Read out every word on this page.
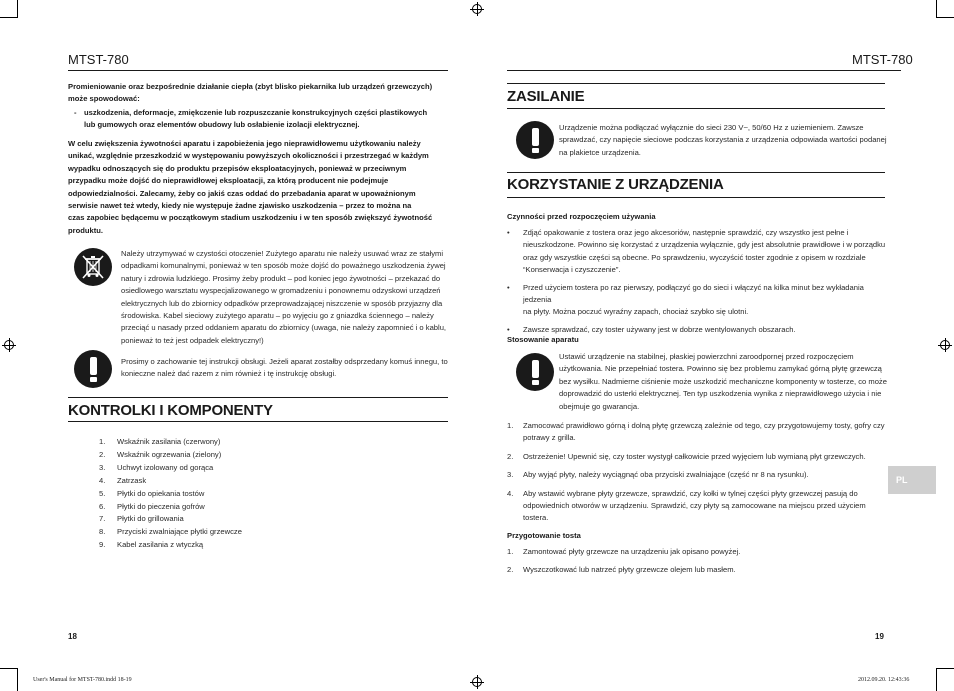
MTST-780
Promieniowanie oraz bezpośrednie działanie ciepła (zbyt blisko piekarnika lub urządzeń grzewczych) może spowodować:
- uszkodzenia, deformacje, zmiękczenie lub rozpuszczanie konstrukcyjnych części plastikowych
lub gumowych oraz elementów obudowy lub osłabienie izolacji elektrycznej.
W celu zwiększenia żywotności aparatu i zapobieżenia jego nieprawidłowemu użytkowaniu należy
unikać, względnie przeszkodzić w występowaniu powyższych okoliczności i przestrzegać w każdym
wypadku odnoszących się do produktu przepisów eksploatacyjnych, ponieważ w przeciwnym
przypadku może dojść do nieprawidłowej eksploatacji, za którą producent nie podejmuje
odpowiedzialności. Zalecamy, żeby co jakiś czas oddać do przebadania aparat w upoważnionym
serwisie nawet też wtedy, kiedy nie występuje żadne zjawisko uszkodzenia – przez to można na
czas zapobiec będącemu w początkowym stadium uszkodzeniu i w ten sposób zwiększyć żywotność
produktu.
Należy utrzymywać w czystości otoczenie! Zużytego aparatu nie należy usuwać wraz ze stałymi
odpadkami komunalnymi, ponieważ w ten sposób może dojść do poważnego uszkodzenia żywej
natury i zdrowia ludzkiego. Prosimy żeby produkt – pod koniec jego żywotności – przekazać do
osiedlowego warsztatu wyspecjalizowanego w gromadzeniu i ponownemu odzyskowi urządzeń
elektrycznych lub do zbiornicy odpadków przeprowadzającej niszczenie w sposób przyjazny dla
środowiska. Kabel sieciowy zużytego aparatu – po wyjęciu go z gniazdka ściennego – należy
przeciąć u nasady przed oddaniem aparatu do zbiornicy (uwaga, nie należy zapomnieć i o kablu,
ponieważ to też jest odpadek elektryczny!)
Prosimy o zachowanie tej instrukcji obsługi. Jeżeli aparat zostałby odsprzedany komuś innegu, to
konieczne należ dać razem z nim również i tę instrukcję obsługi.
KONTROLKI I KOMPONENTY
1. Wskaźnik zasilania (czerwony)
2. Wskaźnik ogrzewania (zielony)
3. Uchwyt izolowany od gorąca
4. Zatrzask
5. Płytki do opiekania tostów
6. Płytki do pieczenia gofrów
7. Płytki do grillowania
8. Przyciski zwalniające płytki grzewcze
9. Kabel zasilania z wtyczką
18
MTST-780
ZASILANIE
Urządzenie można podłączać wyłącznie do sieci 230 V~, 50/60 Hz z uziemieniem. Zawsze
sprawdzać, czy napięcie sieciowe podczas korzystania z urządzenia odpowiada wartości podanej
na plakietce urządzenia.
KORZYSTANIE Z URZĄDZENIA
Czynności przed rozpoczęciem używania
• Zdjąć opakowanie z tostera oraz jego akcesoriów, następnie sprawdzić, czy wszystko jest pełne i
nieuszkodzone. Powinno się korzystać z urządzenia wyłącznie, gdy jest absolutnie prawidłowe i w porządku
oraz gdy wszystkie części są obecne. Po sprawdzeniu, wyczyścić toster zgodnie z opisem w rozdziale
“Konserwacja i czyszczenie”.
• Przed użyciem tostera po raz pierwszy, podłączyć go do sieci i włączyć na kilka minut bez wykładania jedzenia
na płyty. Można poczuć wyraźny zapach, chociaż szybko się ulotni.
• Zawsze sprawdzać, czy toster używany jest w dobrze wentylowanych obszarach.
Stosowanie aparatu
Ustawić urządzenie na stabilnej, płaskiej powierzchni zaroodpornej przed rozpoczęciem
użytkowania. Nie przepełniać tostera. Powinno się bez problemu zamykać górną płytę grzewczą
bez wysiłku. Nadmierne ciśnienie może uszkodzić mechaniczne komponenty w tosterze, co może
doprowadzić do usterki elektrycznej. Ten typ uszkodzenia wynika z nieprawidłowego użycia i nie
obejmuje go gwarancja.
1. Zamocować prawidłowo górną i dolną płytę grzewczą zależnie od tego, czy przygotowujemy tosty, gofry czy
potrawy z grilla.
2. Ostrzeżenie! Upewnić się, czy toster wystygł całkowicie przed wyjęciem lub wymianą płyt grzewczych.
3. Aby wyjąć płyty, należy wyciągnąć oba przyciski zwalniające (część nr 8 na rysunku).
4. Aby wstawić wybrane płyty grzewcze, sprawdzić, czy kołki w tylnej części płyty grzewczej pasują do
odpowiednich otworów w urządzeniu. Sprawdzić, czy płyty są zamocowane na miejscu przed użyciem
tostera.
Przygotowanie tosta
1. Zamontować płyty grzewcze na urządzeniu jak opisano powyżej.
2. Wyszczotkować lub natrzeć płyty grzewcze olejem lub masłem.
PL
19
User's Manual for MTST-780.indd 18-19	2012.09.20. 12:43:36
